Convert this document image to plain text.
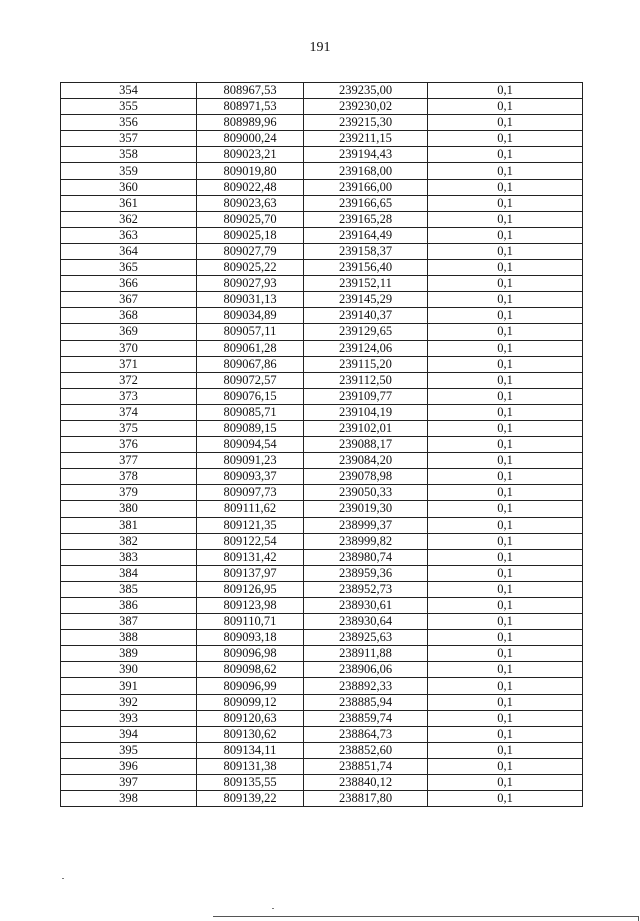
191
354	808967,53	239235,00	0,1
355	808971,53	239230,02	0,1
356	808989,96	239215,30	0,1
357	809000,24	239211,15	0,1
358	809023,21	239194,43	0,1
359	809019,80	239168,00	0,1
360	809022,48	239166,00	0,1
361	809023,63	239166,65	0,1
362	809025,70	239165,28	0,1
363	809025,18	239164,49	0,1
364	809027,79	239158,37	0,1
365	809025,22	239156,40	0,1
366	809027,93	239152,11	0,1
367	809031,13	239145,29	0,1
368	809034,89	239140,37	0,1
369	809057,11	239129,65	0,1
370	809061,28	239124,06	0,1
371	809067,86	239115,20	0,1
372	809072,57	239112,50	0,1
373	809076,15	239109,77	0,1
374	809085,71	239104,19	0,1
375	809089,15	239102,01	0,1
376	809094,54	239088,17	0,1
377	809091,23	239084,20	0,1
378	809093,37	239078,98	0,1
379	809097,73	239050,33	0,1
380	809111,62	239019,30	0,1
381	809121,35	238999,37	0,1
382	809122,54	238999,82	0,1
383	809131,42	238980,74	0,1
384	809137,97	238959,36	0,1
385	809126,95	238952,73	0,1
386	809123,98	238930,61	0,1
387	809110,71	238930,64	0,1
388	809093,18	238925,63	0,1
389	809096,98	238911,88	0,1
390	809098,62	238906,06	0,1
391	809096,99	238892,33	0,1
392	809099,12	238885,94	0,1
393	809120,63	238859,74	0,1
394	809130,62	238864,73	0,1
395	809134,11	238852,60	0,1
396	809131,38	238851,74	0,1
397	809135,55	238840,12	0,1
398	809139,22	238817,80	0,1
